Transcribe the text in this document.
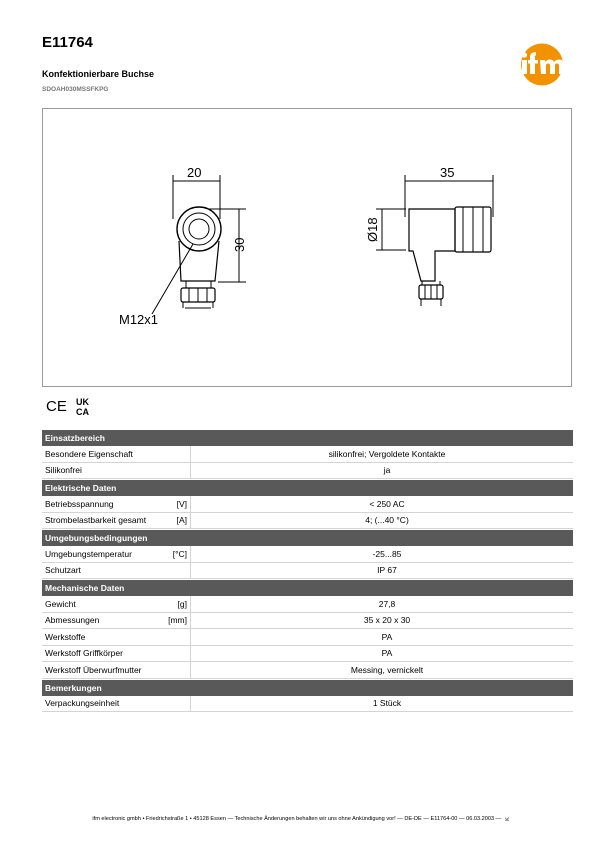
E11764
Konfektionierbare Buchse
SDOAH030MSSFKPG
20
30
35
Ø18
M12x1
CE UK
CA
Einsatzbereich
Besondere Eigenschaft	silikonfrei; Vergoldete Kontakte
Silikonfrei	ja
Elektrische Daten
Betriebsspannung	[V]	< 250 AC
Strombelastbarkeit gesamt	[A]	4; (...40 °C)
Umgebungsbedingungen
Umgebungstemperatur	[°C]	-25...85
Schutzart	IP 67
Mechanische Daten
Gewicht	[g]	27,8
Abmessungen	[mm]	35 x 20 x 30
Werkstoffe	PA
Werkstoff Griffkörper	PA
Werkstoff Überwurfmutter	Messing, vernickelt
Bemerkungen
Verpackungseinheit	1 Stück
ifm electronic gmbh • Friedrichstraße 1 • 45128 Essen — Technische Änderungen behalten wir uns ohne Ankündigung vor! — DE-DE — E11764-00 — 06.03.2003 — K
